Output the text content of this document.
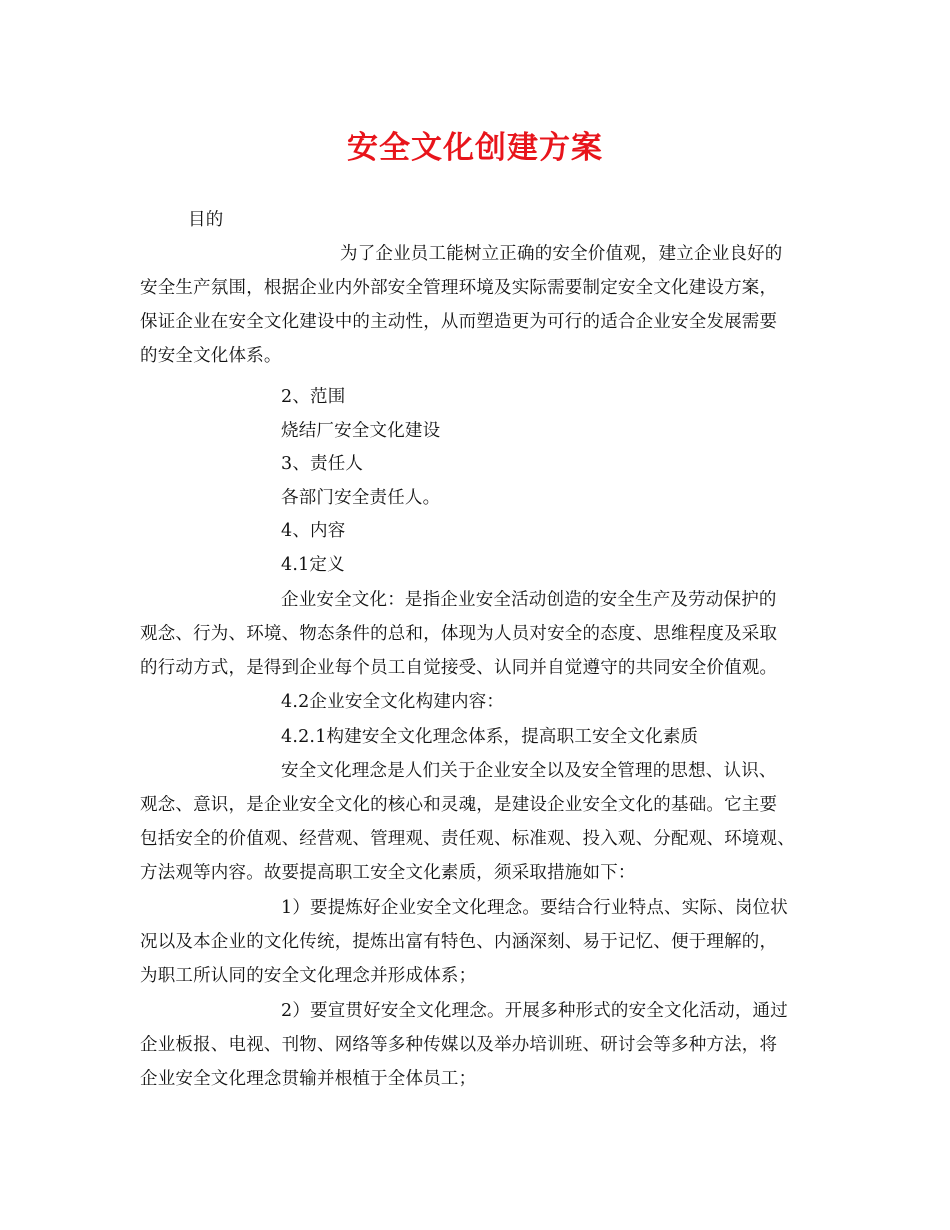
安全文化创建方案
目的
为了企业员工能树立正确的安全价值观，建立企业良好的
安全生产氛围，根据企业内外部安全管理环境及实际需要制定安全文化建设方案，
保证企业在安全文化建设中的主动性，从而塑造更为可行的适合企业安全发展需要
的安全文化体系。
2、范围
烧结厂安全文化建设
3、责任人
各部门安全责任人。
4、内容
4.1定义
企业安全文化：是指企业安全活动创造的安全生产及劳动保护的
观念、行为、环境、物态条件的总和，体现为人员对安全的态度、思维程度及采取
的行动方式，是得到企业每个员工自觉接受、认同并自觉遵守的共同安全价值观。
4.2企业安全文化构建内容：
4.2.1构建安全文化理念体系，提高职工安全文化素质
安全文化理念是人们关于企业安全以及安全管理的思想、认识、
观念、意识，是企业安全文化的核心和灵魂，是建设企业安全文化的基础。它主要
包括安全的价值观、经营观、管理观、责任观、标准观、投入观、分配观、环境观、
方法观等内容。故要提高职工安全文化素质，须采取措施如下：
1）要提炼好企业安全文化理念。要结合行业特点、实际、岗位状
况以及本企业的文化传统，提炼出富有特色、内涵深刻、易于记忆、便于理解的，
为职工所认同的安全文化理念并形成体系；
2）要宣贯好安全文化理念。开展多种形式的安全文化活动，通过
企业板报、电视、刊物、网络等多种传媒以及举办培训班、研讨会等多种方法，将
企业安全文化理念贯输并根植于全体员工；
